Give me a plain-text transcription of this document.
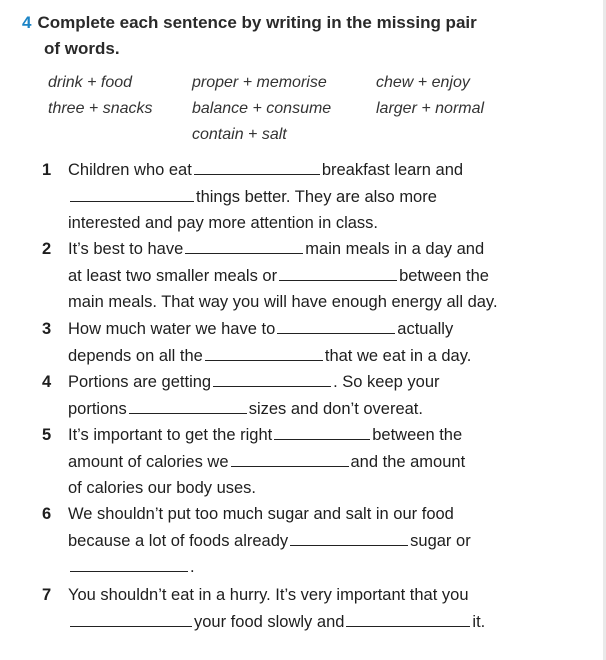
4 Complete each sentence by writing in the missing pair
of words.
drink + food	proper + memorise	chew + enjoy
three + snacks balance + consume	larger + normal
contain + salt
1	Children who eat	breakfast learn and
things better. They are also more
interested and pay more attention in class.
2	It’s best to have	main meals in a day and
at least two smaller meals or	between the
main meals. That way you will have enough energy all day.
3	How much water we have to	actually
depends on all the	that we eat in a day.
4	Portions are getting	. So keep your
portions	sizes and don’t overeat.
5	It’s important to get the right	between the
amount of calories we	and the amount
of calories our body uses.
6	We shouldn’t put too much sugar and salt in our food
because a lot of foods already	sugar or
.
7	You shouldn’t eat in a hurry. It’s very important that you
your food slowly and	it.
